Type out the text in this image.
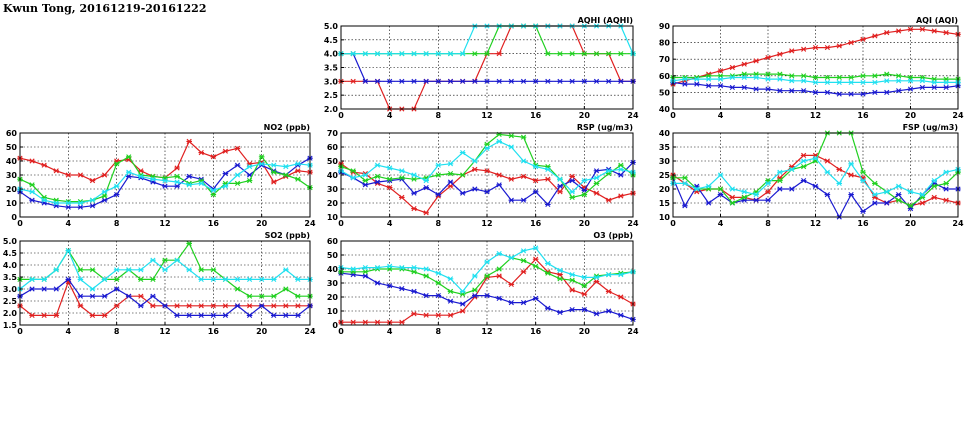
Kwun Tong, 20161219-20161222
0	4	8	12	16	20	24
2.0
2.5
3.0
3.5
4.0
4.5
5.0
AQHI (AQHI)
0	4	8	12	16	20	24
40
50
60
70
80
90
AQI (AQI)
0	4	8	12	16	20	24
0
10
20
30
40
50
60
NO2 (ppb)
0	4	8	12	16	20	24
10
20
30
40
50
60
70
RSP (ug/m3)
0	4	8	12	16	20	24
10
15
20
25
30
35
40
FSP (ug/m3)
0	4	8	12	16	20	24
1.5
2.0
2.5
3.0
3.5
4.0
4.5
5.0
SO2 (ppb)
0	4	8	12	16	20	24
0
10
20
30
40
50
60
O3 (ppb)
